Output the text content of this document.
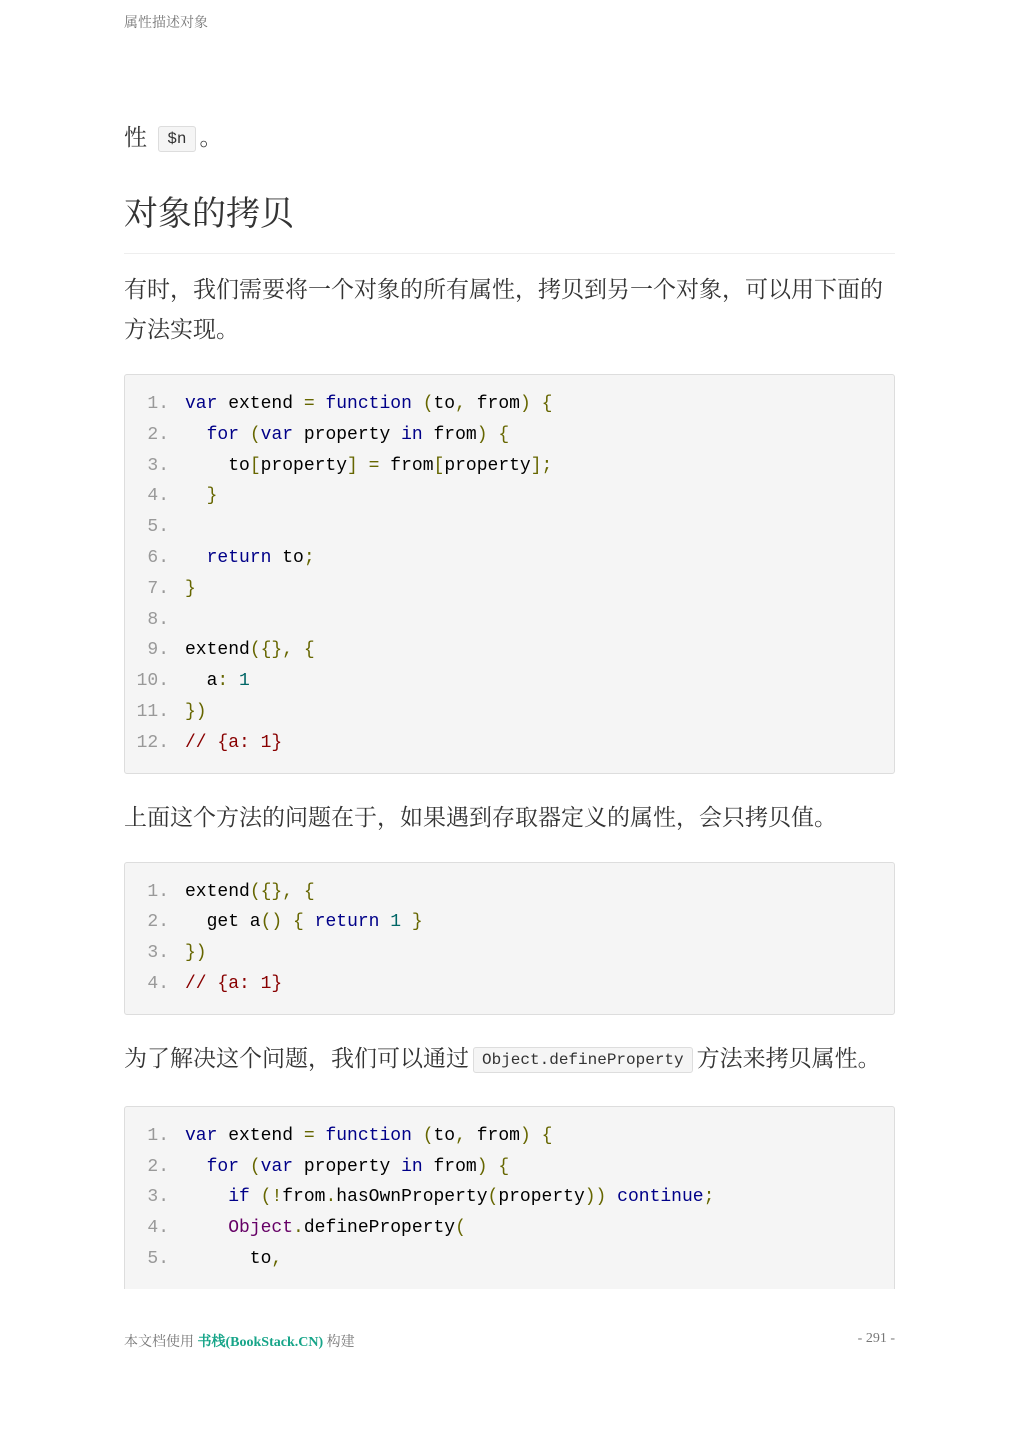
属性描述对象

性 $n 。

对象的拷贝

有时，我们需要将一个对象的所有属性，拷贝到另一个对象，可以用下面的方法实现。

1. var extend = function (to, from) {
2.	for (var property in from) {
3. to[property] = from[property];
4.	}
5.
6.	return to;
7. }
8.
9. extend({}, {
10. a: 1
11. })
12. // {a: 1}

上面这个方法的问题在于，如果遇到存取器定义的属性，会只拷贝值。

1. extend({}, {
2. get a() { return 1 }
3. })
4. // {a: 1}

为了解决这个问题，我们可以通过 Object.defineProperty 方法来拷贝属性。

1. var extend = function (to, from) {
2.	for (var property in from) {
3.	if (!from.hasOwnProperty(property)) continue;
4.	Object.defineProperty(
5. to,
本文档使用 书栈(BookStack.CN) 构建	- 291 -
